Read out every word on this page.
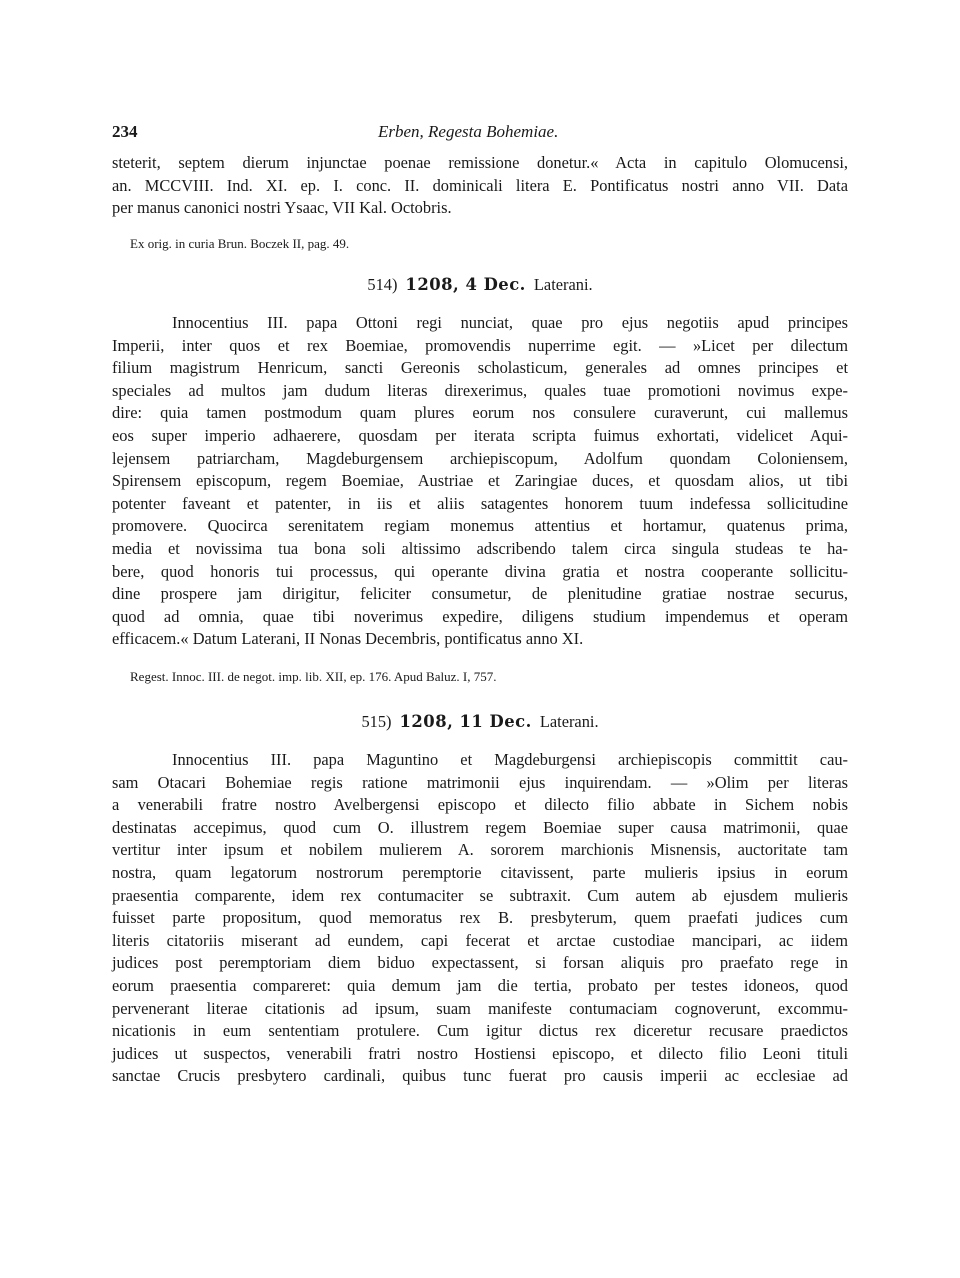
234	Erben, Regesta Bohemiae.
steterit, septem dierum injunctae poenae remissione donetur.« Acta in capitulo Olomucensi,
an. MCCVIII. Ind. XI. ep. I. conc. II. dominicali litera E. Pontificatus nostri anno VII. Data
per manus canonici nostri Ysaac, VII Kal. Octobris.
Ex orig. in curia Brun. Boczek II, pag. 49.
514) 1208, 4 Dec. Laterani.
Innocentius III. papa Ottoni regi nunciat, quae pro ejus negotiis apud principes
Imperii, inter quos et rex Boemiae, promovendis nuperrime egit. — »Licet per dilectum
filium magistrum Henricum, sancti Gereonis scholasticum, generales ad omnes principes et
speciales ad multos jam dudum literas direxerimus, quales tuae promotioni novimus expe-
dire: quia tamen postmodum quam plures eorum nos consulere curaverunt, cui mallemus
eos super imperio adhaerere, quosdam per iterata scripta fuimus exhortati, videlicet Aqui-
lejensem patriarcham, Magdeburgensem archiepiscopum, Adolfum quondam Coloniensem,
Spirensem episcopum, regem Boemiae, Austriae et Zaringiae duces, et quosdam alios, ut tibi
potenter faveant et patenter, in iis et aliis satagentes honorem tuum indefessa sollicitudine
promovere. Quocirca serenitatem regiam monemus attentius et hortamur, quatenus prima,
media et novissima tua bona soli altissimo adscribendo talem circa singula studeas te ha-
bere, quod honoris tui processus, qui operante divina gratia et nostra cooperante sollicitu-
dine prospere jam dirigitur, feliciter consumetur, de plenitudine gratiae nostrae securus,
quod ad omnia, quae tibi noverimus expedire, diligens studium impendemus et operam
efficacem.« Datum Laterani, II Nonas Decembris, pontificatus anno XI.
Regest. Innoc. III. de negot. imp. lib. XII, ep. 176. Apud Baluz. I, 757.
515) 1208, 11 Dec. Laterani.
Innocentius III. papa Maguntino et Magdeburgensi archiepiscopis committit cau-
sam Otacari Bohemiae regis ratione matrimonii ejus inquirendam. — »Olim per literas
a venerabili fratre nostro Avelbergensi episcopo et dilecto filio abbate in Sichem nobis
destinatas accepimus, quod cum O. illustrem regem Boemiae super causa matrimonii, quae
vertitur inter ipsum et nobilem mulierem A. sororem marchionis Misnensis, auctoritate tam
nostra, quam legatorum nostrorum peremptorie citavissent, parte mulieris ipsius in eorum
praesentia comparente, idem rex contumaciter se subtraxit. Cum autem ab ejusdem mulieris
fuisset parte propositum, quod memoratus rex B. presbyterum, quem praefati judices cum
literis citatoriis miserant ad eundem, capi fecerat et arctae custodiae mancipari, ac iidem
judices post peremptoriam diem biduo expectassent, si forsan aliquis pro praefato rege in
eorum praesentia compareret: quia demum jam die tertia, probato per testes idoneos, quod
pervenerant literae citationis ad ipsum, suam manifeste contumaciam cognoverunt, excommu-
nicationis in eum sententiam protulere. Cum igitur dictus rex diceretur recusare praedictos
judices ut suspectos, venerabili fratri nostro Hostiensi episcopo, et dilecto filio Leoni tituli
sanctae Crucis presbytero cardinali, quibus tunc fuerat pro causis imperii ac ecclesiae ad
